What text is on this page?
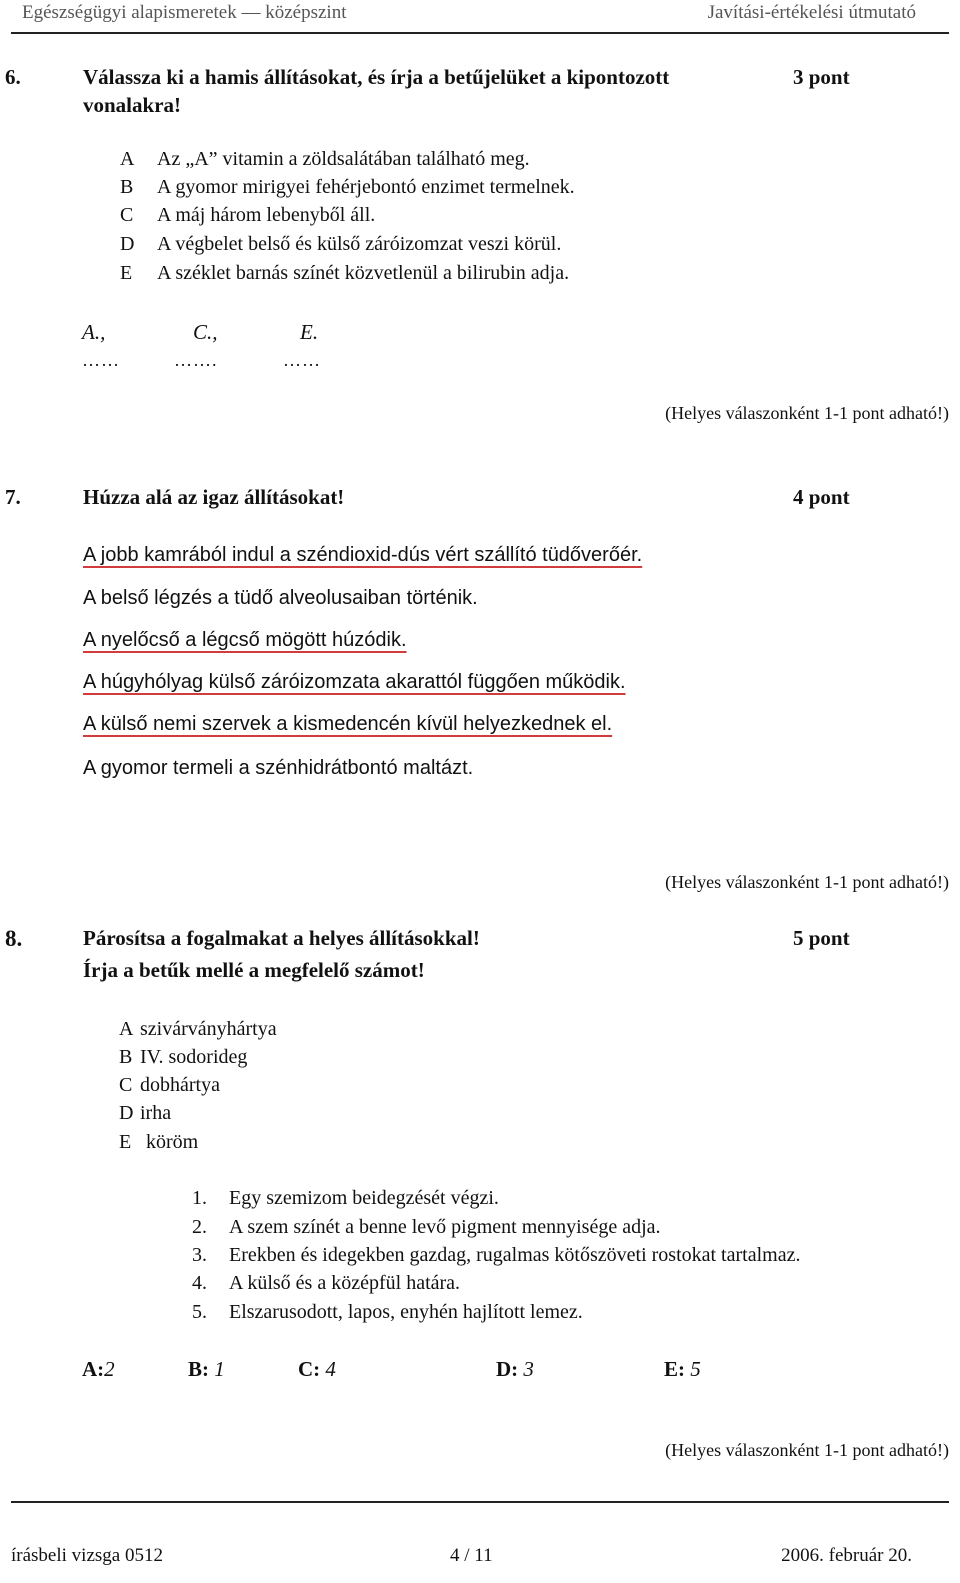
Egészségügyi alapismeretek — középszint	Javítási-értékelési útmutató
6.	Válassza ki a hamis állításokat, és írja a betűjelüket a kipontozott
vonalakra!
3 pont
A Az „A” vitamin a zöldsalátában található meg.
B A gyomor mirigyei fehérjebontó enzimet termelnek.
C A máj három lebenyből áll.
D A végbelet belső és külső záróizomzat veszi körül.
E A széklet barnás színét közvetlenül a bilirubin adja.
A.,	C.,	E.
……	…….	……
(Helyes válaszonként 1-1 pont adható!)
7.	Húzza alá az igaz állításokat!	4 pont
A jobb kamrából indul a széndioxid-dús vért szállító tüdőverőér.
A belső légzés a tüdő alveolusaiban történik.
A nyelőcső a légcső mögött húzódik.
A húgyhólyag külső záróizomzata akarattól függően működik.
A külső nemi szervek a kismedencén kívül helyezkednek el.
A gyomor termeli a szénhidrátbontó maltázt.
(Helyes válaszonként 1-1 pont adható!)
8.	Párosítsa a fogalmakat a helyes állításokkal!
Írja a betűk mellé a megfelelő számot!
5 pont
A szivárványhártya
B IV. sodorideg
C dobhártya
D irha
E köröm
1. Egy szemizom beidegzését végzi.
2. A szem színét a benne levő pigment mennyisége adja.
3. Erekben és idegekben gazdag, rugalmas kötőszöveti rostokat tartalmaz.
4. A külső és a középfül határa.
5. Elszarusodott, lapos, enyhén hajlított lemez.
A:2	B: 1	C: 4	D: 3	E: 5
(Helyes válaszonként 1-1 pont adható!)
írásbeli vizsga 0512	4 / 11	2006. február 20.
